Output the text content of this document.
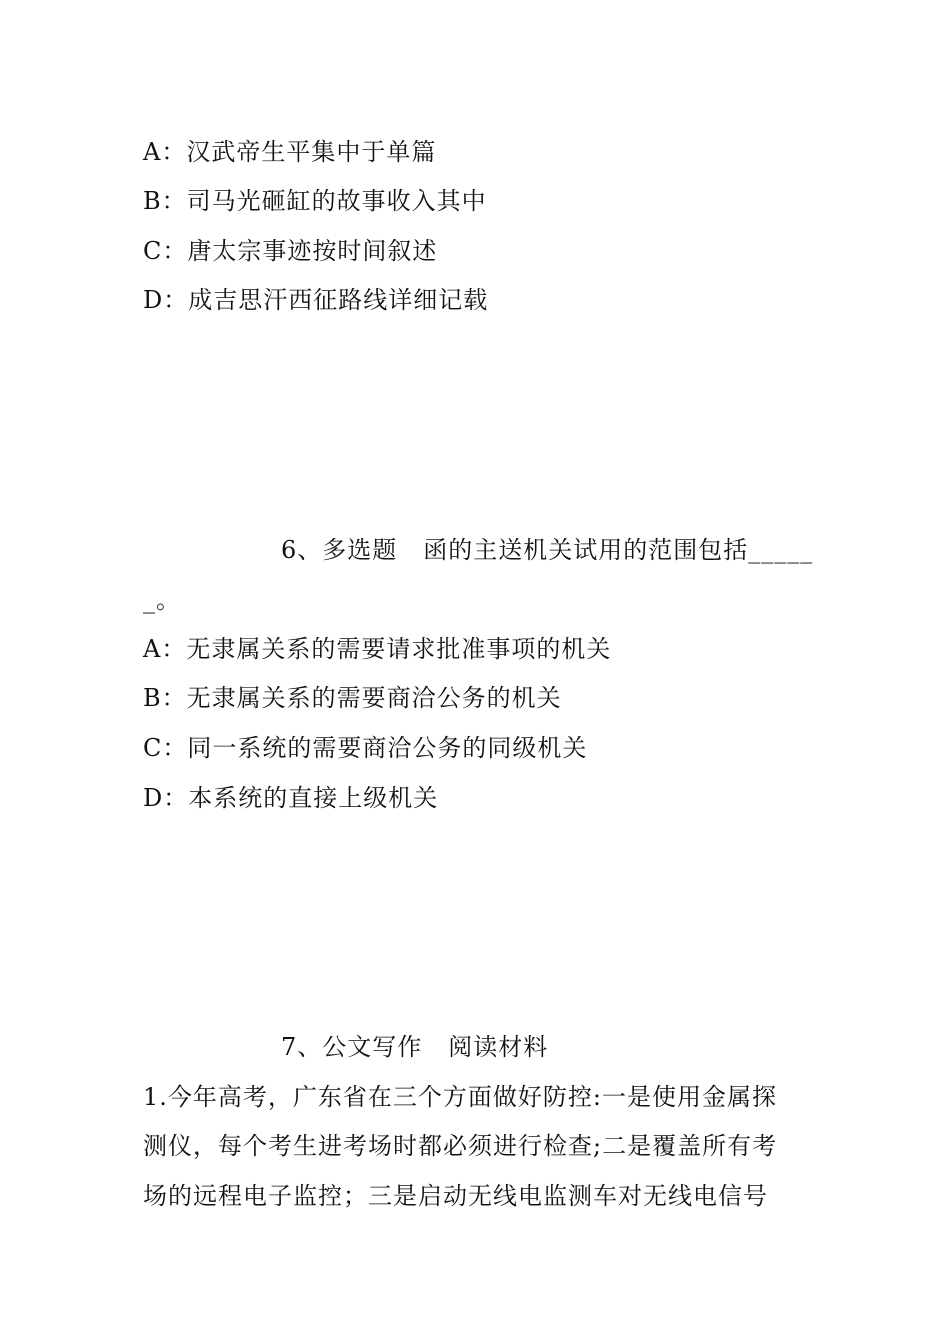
A：汉武帝生平集中于单篇
B：司马光砸缸的故事收入其中
C：唐太宗事迹按时间叙述
D：成吉思汗西征路线详细记载
6、多选题 函的主送机关试用的范围包括_____
_。
A：无隶属关系的需要请求批准事项的机关
B：无隶属关系的需要商洽公务的机关
C：同一系统的需要商洽公务的同级机关
D：本系统的直接上级机关
7、公文写作 阅读材料
1.今年高考，广东省在三个方面做好防控:一是使用金属探
测仪，每个考生进考场时都必须进行检查;二是覆盖所有考
场的远程电子监控；三是启动无线电监测车对无线电信号
